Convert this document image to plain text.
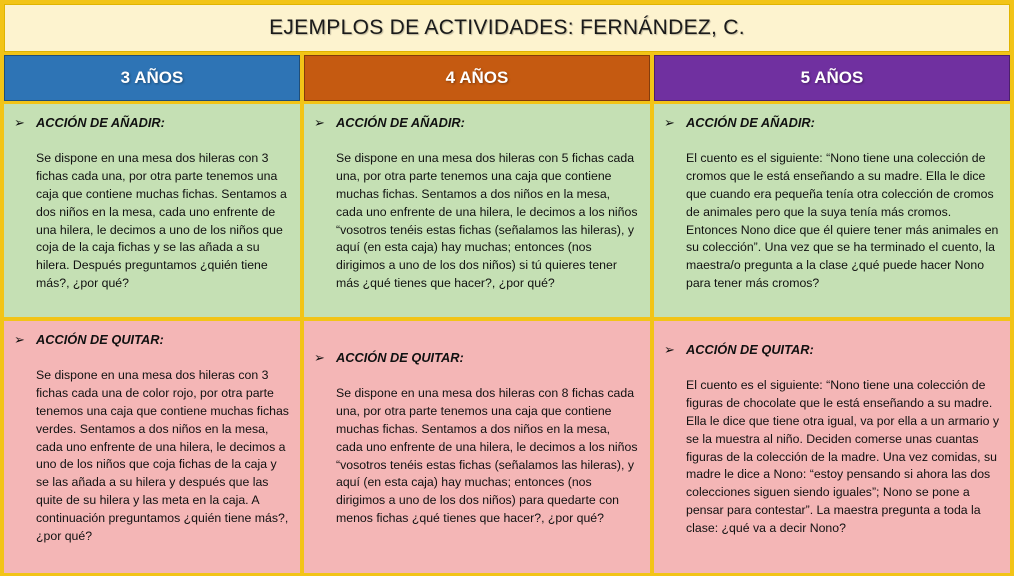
EJEMPLOS DE ACTIVIDADES: FERNÁNDEZ, C.
3 AÑOS	4 AÑOS	5 AÑOS
➢ ACCIÓN DE AÑADIR:
Se dispone en una mesa dos hileras con 3 fichas cada una, por otra parte tenemos una caja que contiene muchas fichas. Sentamos a dos niños en la mesa, cada uno enfrente de una hilera, le decimos a uno de los niños que coja de la caja fichas y se las añada a su hilera. Después preguntamos ¿quién tiene más?, ¿por qué?
➢ ACCIÓN DE AÑADIR:
Se dispone en una mesa dos hileras con 5 fichas cada una, por otra parte tenemos una caja que contiene muchas fichas. Sentamos a dos niños en la mesa, cada uno enfrente de una hilera, le decimos a los niños “vosotros tenéis estas fichas (señalamos las hileras), y aquí (en esta caja) hay muchas; entonces (nos dirigimos a uno de los dos niños) si tú quieres tener más ¿qué tienes que hacer?, ¿por qué?
➢ ACCIÓN DE AÑADIR:
El cuento es el siguiente: “Nono tiene una colección de cromos que le está enseñando a su madre. Ella le dice que cuando era pequeña tenía otra colección de cromos de animales pero que la suya tenía más cromos. Entonces Nono dice que él quiere tener más animales en su colección”. Una vez que se ha terminado el cuento, la maestra/o pregunta a la clase ¿qué puede hacer Nono para tener más cromos?
➢ ACCIÓN DE QUITAR:
Se dispone en una mesa dos hileras con 3 fichas cada una de color rojo, por otra parte tenemos una caja que contiene muchas fichas verdes. Sentamos a dos niños en la mesa, cada uno enfrente de una hilera, le decimos a uno de los niños que coja fichas de la caja y se las añada a su hilera y después que las quite de su hilera y las meta en la caja. A continuación preguntamos ¿quién tiene más?, ¿por qué?
➢ ACCIÓN DE QUITAR:
Se dispone en una mesa dos hileras con 8 fichas cada una, por otra parte tenemos una caja que contiene muchas fichas. Sentamos a dos niños en la mesa, cada uno enfrente de una hilera, le decimos a los niños “vosotros tenéis estas fichas (señalamos las hileras), y aquí (en esta caja) hay muchas; entonces (nos dirigimos a uno de los dos niños) para quedarte con menos fichas ¿qué tienes que hacer?, ¿por qué?
➢ ACCIÓN DE QUITAR:
El cuento es el siguiente: “Nono tiene una colección de figuras de chocolate que le está enseñando a su madre. Ella le dice que tiene otra igual, va por ella a un armario y se la muestra al niño. Deciden comerse unas cuantas figuras de la colección de la madre. Una vez comidas, su madre le dice a Nono: “estoy pensando si ahora las dos colecciones siguen siendo iguales”; Nono se pone a pensar para contestar”. La maestra pregunta a toda la clase: ¿qué va a decir Nono?
